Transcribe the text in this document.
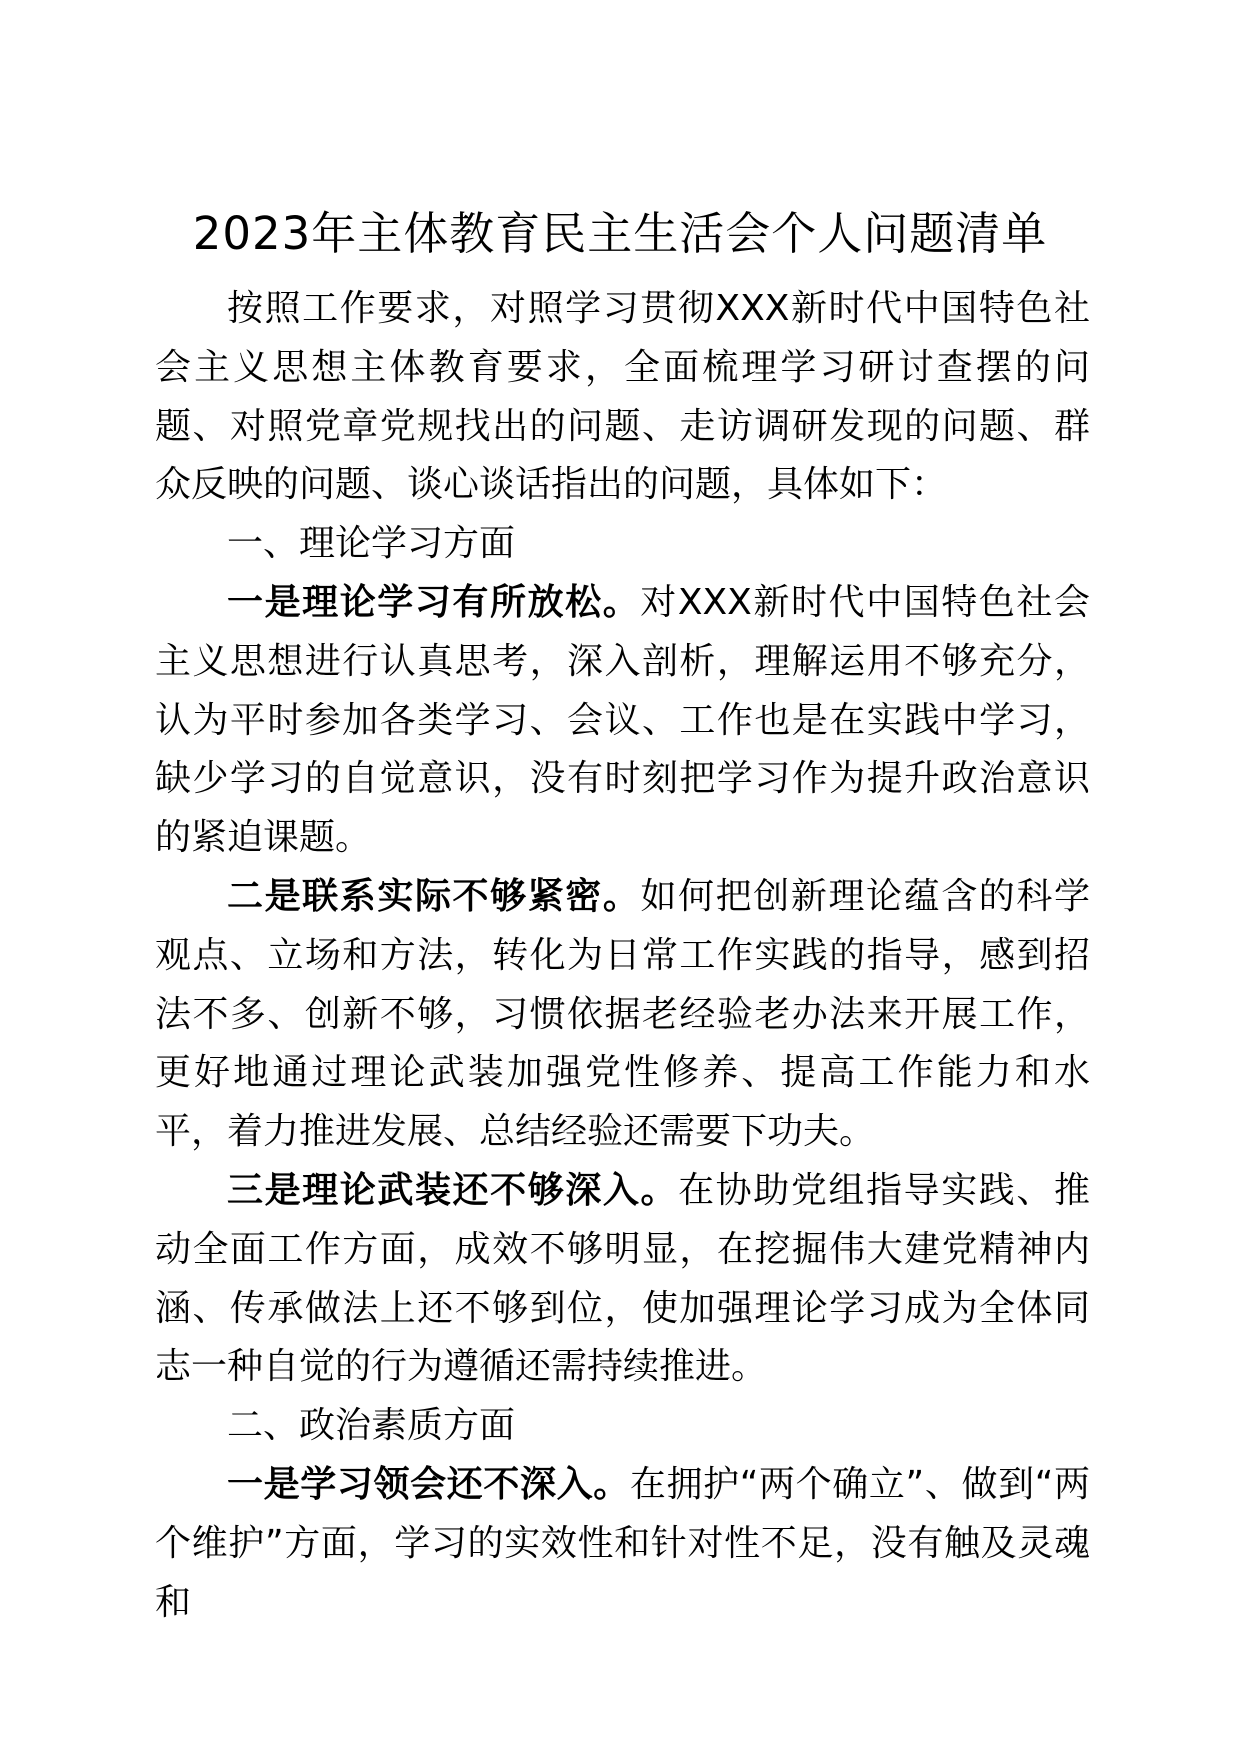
2023年主体教育民主生活会个人问题清单

按照工作要求，对照学习贯彻XXX新时代中国特色社会主义思想主体教育要求，全面梳理学习研讨查摆的问题、对照党章党规找出的问题、走访调研发现的问题、群众反映的问题、谈心谈话指出的问题，具体如下：

一、理论学习方面

一是理论学习有所放松。对XXX新时代中国特色社会主义思想进行认真思考，深入剖析，理解运用不够充分，认为平时参加各类学习、会议、工作也是在实践中学习，缺少学习的自觉意识，没有时刻把学习作为提升政治意识的紧迫课题。

二是联系实际不够紧密。如何把创新理论蕴含的科学观点、立场和方法，转化为日常工作实践的指导，感到招法不多、创新不够，习惯依据老经验老办法来开展工作，更好地通过理论武装加强党性修养、提高工作能力和水平，着力推进发展、总结经验还需要下功夫。

三是理论武装还不够深入。在协助党组指导实践、推动全面工作方面，成效不够明显，在挖掘伟大建党精神内涵、传承做法上还不够到位，使加强理论学习成为全体同志一种自觉的行为遵循还需持续推进。

二、政治素质方面

一是学习领会还不深入。在拥护“两个确立”、做到“两个维护”方面，学习的实效性和针对性不足，没有触及灵魂和
